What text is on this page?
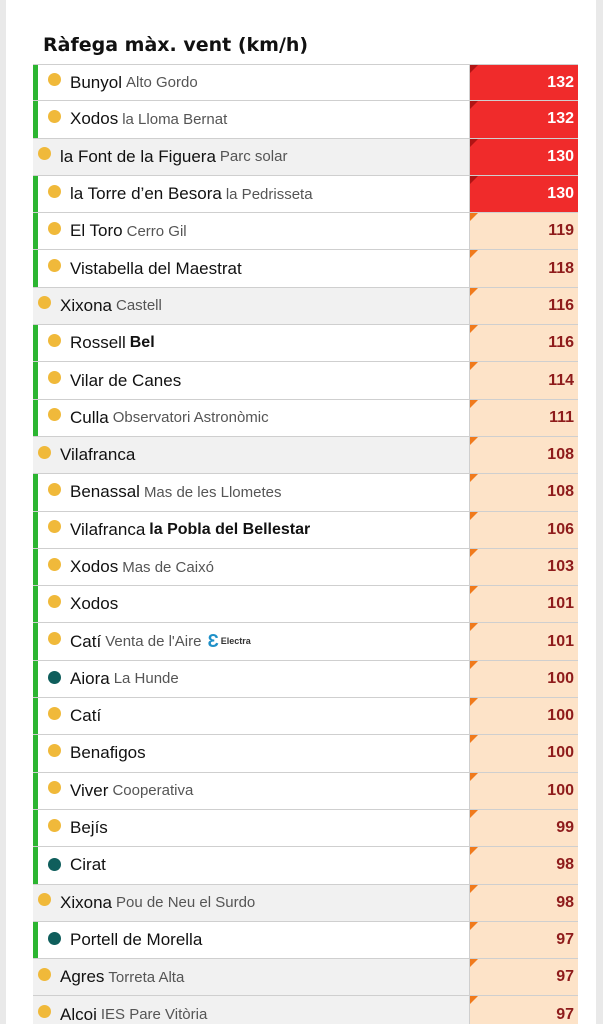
Ràfega màx. vent (km/h)
Bunyol Alto Gordo	132
Xodos la Lloma Bernat	132
la Font de la Figuera Parc solar	130
la Torre d’en Besora la Pedrisseta	130
El Toro Cerro Gil	119
Vistabella del Maestrat	118
Xixona Castell	116
Rossell Bel	116
Vilar de Canes	114
Culla Observatori Astronòmic	111
Vilafranca	108
Benassal Mas de les Llometes	108
Vilafranca la Pobla del Bellestar	106
Xodos Mas de Caixó	103
Xodos	101
Catí Venta de l'Aire Ɛ Electra	101
Aiora La Hunde	100
Catí	100
Benafigos	100
Viver Cooperativa	100
Bejís	99
Cirat	98
Xixona Pou de Neu el Surdo	98
Portell de Morella	97
Agres Torreta Alta	97
Alcoi IES Pare Vitòria	97
